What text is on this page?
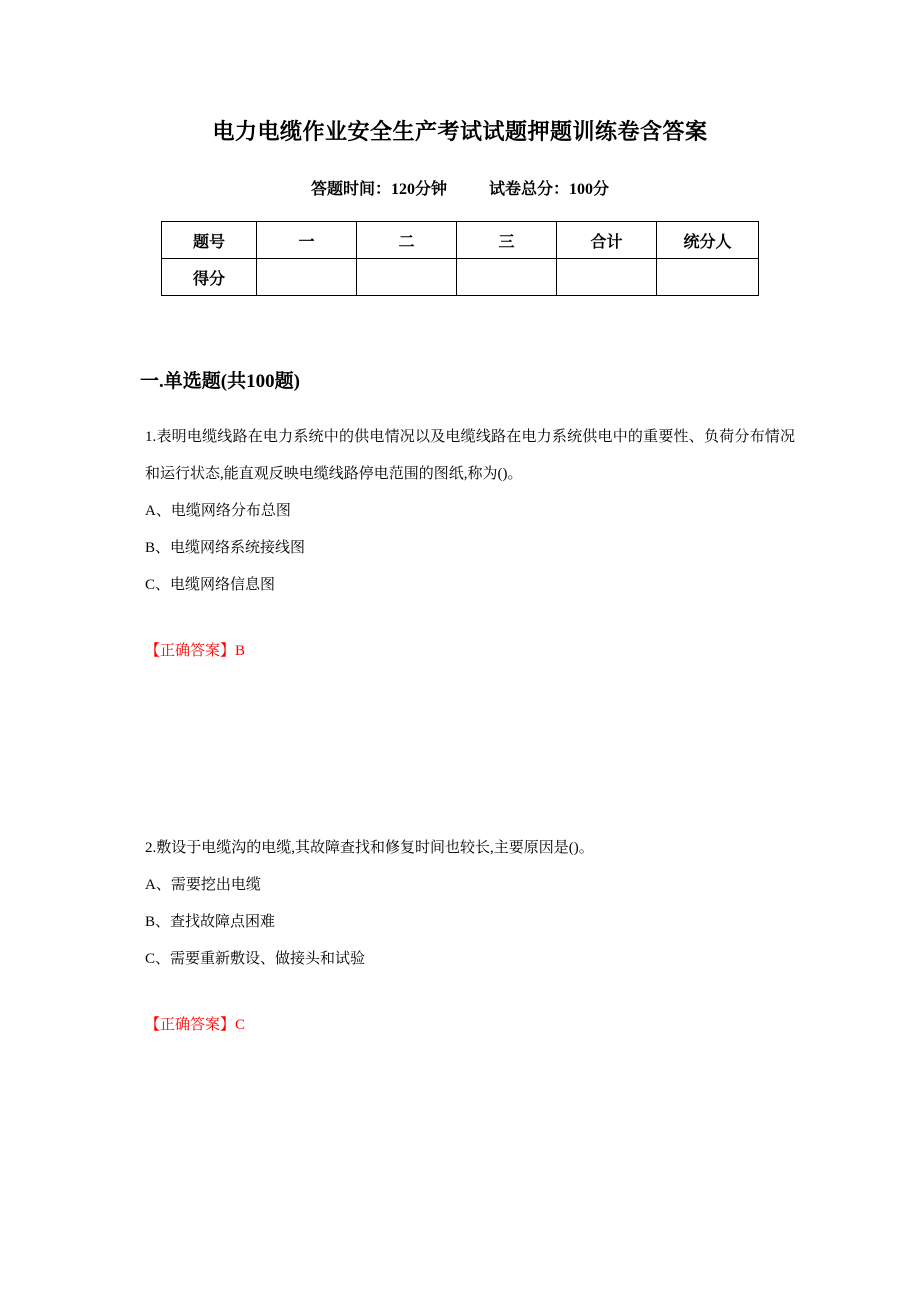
电力电缆作业安全生产考试试题押题训练卷含答案
答题时间：120分钟	试卷总分：100分
题号	一	二	三	合计	统分人
得分					
一.单选题(共100题)

1.表明电缆线路在电力系统中的供电情况以及电缆线路在电力系统供电中的重要性、负荷分布情况和运行状态,能直观反映电缆线路停电范围的图纸,称为()。

A、电缆网络分布总图

B、电缆网络系统接线图

C、电缆网络信息图

【正确答案】B

2.敷设于电缆沟的电缆,其故障查找和修复时间也较长,主要原因是()。

A、需要挖出电缆

B、查找故障点困难

C、需要重新敷设、做接头和试验

【正确答案】C
